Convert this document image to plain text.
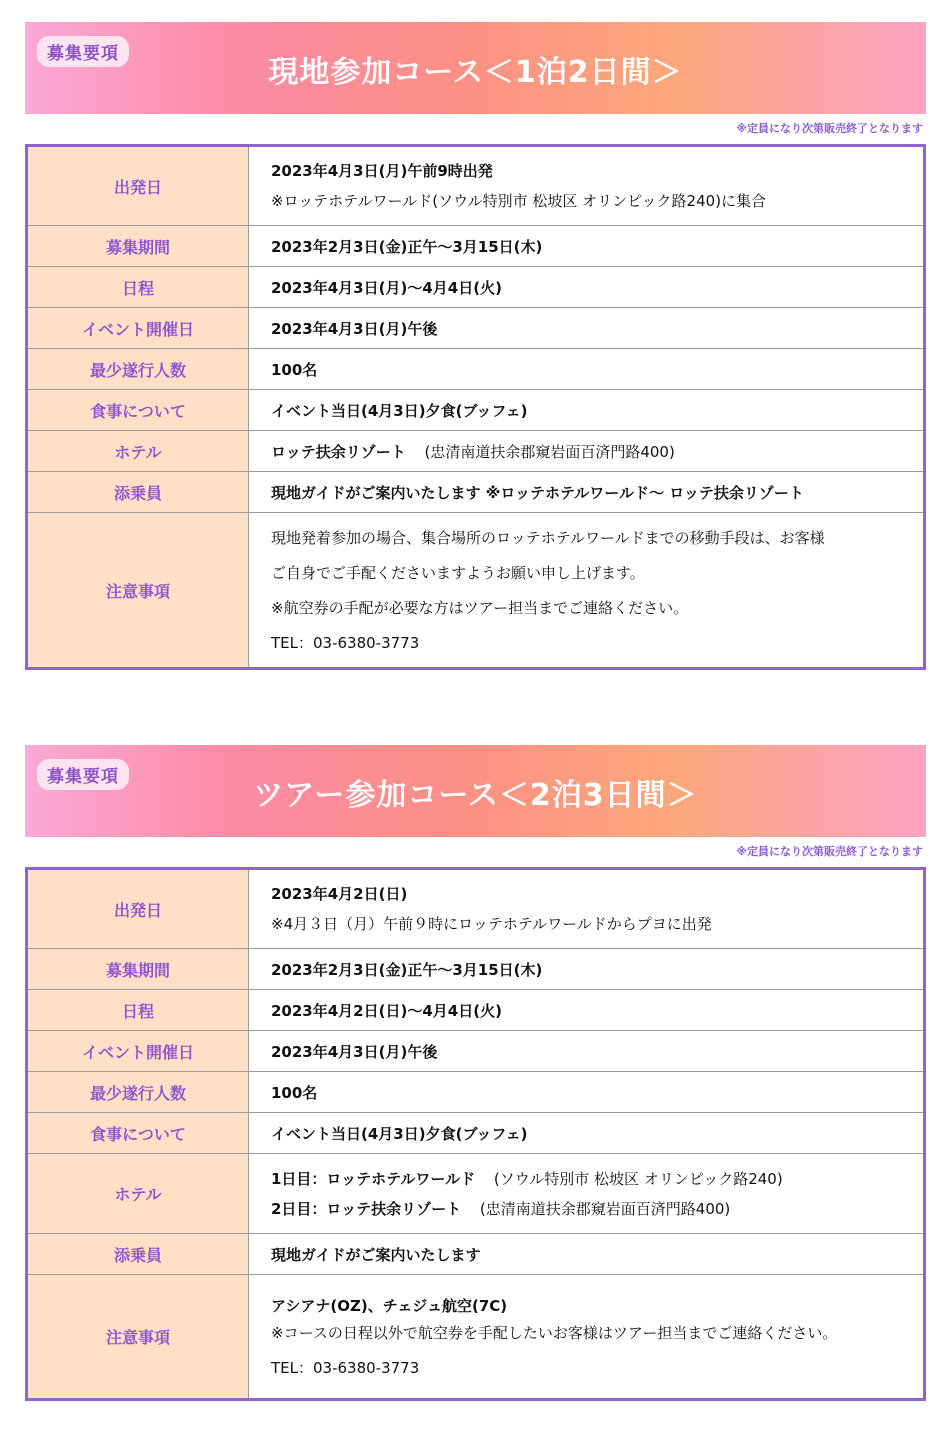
募集要項
現地参加コース＜1泊2日間＞
※定員になり次第販売終了となります
出発日	2023年4月3日(月)午前9時出発
※ロッテホテルワールド(ソウル特別市 松坡区 オリンピック路240)に集合

募集期間	2023年2月3日(金)正午～3月15日(木)
日程	2023年4月3日(月)～4月4日(火)
イベント開催日	2023年4月3日(月)午後
最少遂行人数	100名
食事について	イベント当日(4月3日)夕食(ブッフェ)
ホテル	ロッテ扶余リゾート (忠清南道扶余郡窺岩面百済門路400)
添乗員	現地ガイドがご案内いたします ※ロッテホテルワールド～ ロッテ扶余リゾート
注意事項	現地発着参加の場合、集合場所のロッテホテルワールドまでの移動手段は、お客様
ご自身でご手配くださいますようお願い申し上げます。
※航空券の手配が必要な方はツアー担当までご連絡ください。
TEL：03-6380-3773
募集要項
ツアー参加コース＜2泊3日間＞
※定員になり次第販売終了となります
出発日	2023年4月2日(日)
※4月３日（月）午前９時にロッテホテルワールドからプヨに出発

募集期間	2023年2月3日(金)正午～3月15日(木)
日程	2023年4月2日(日)～4月4日(火)
イベント開催日	2023年4月3日(月)午後
最少遂行人数	100名
食事について	イベント当日(4月3日)夕食(ブッフェ)
ホテル	1日目：ロッテホテルワールド (ソウル特別市 松坡区 オリンピック路240)
2日目：ロッテ扶余リゾート (忠清南道扶余郡窺岩面百済門路400)

添乗員	現地ガイドがご案内いたします
注意事項	アシアナ(OZ)、チェジュ航空(7C)
※コースの日程以外で航空券を手配したいお客様はツアー担当までご連絡ください。
TEL：03-6380-3773
